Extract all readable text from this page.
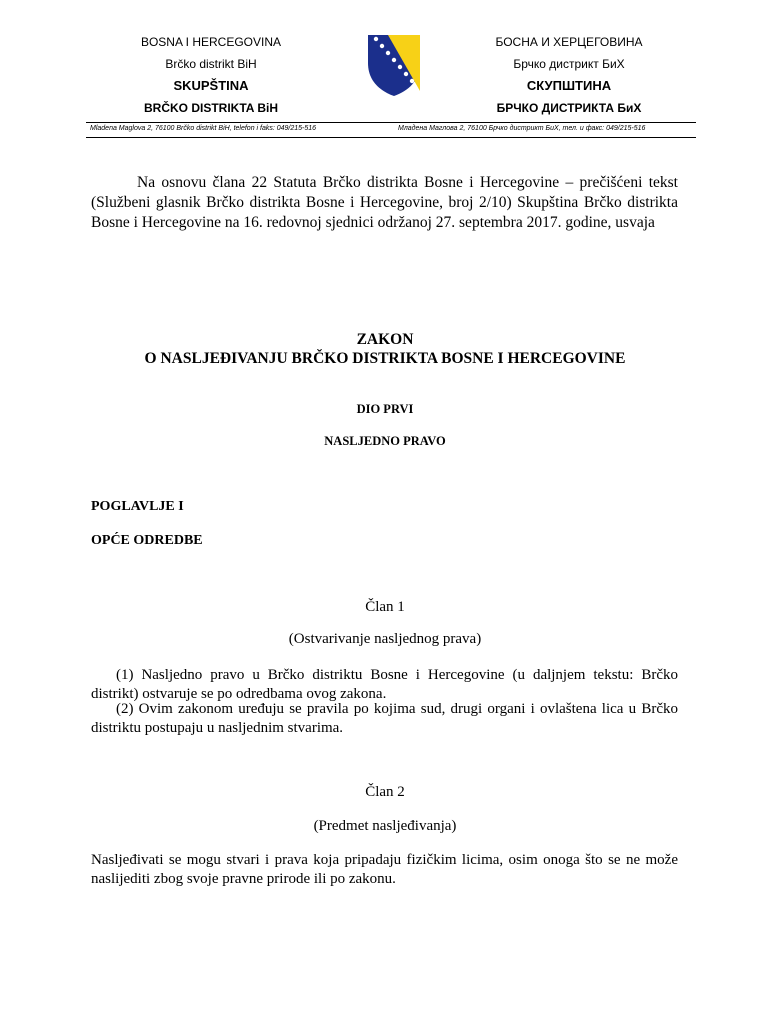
BOSNA I HERCEGOVINA
Brčko distrikt BiH
SKUPŠTINA
BRČKO DISTRIKTA BiH
БОСНА И ХЕРЦЕГОВИНА
Брчко дистрикт БиХ
СКУПШТИНА
БРЧКО ДИСТРИКТА БиХ
Mladena Maglova 2, 76100 Brčko distrikt BiH, telefon i faks: 049/215-516	Младена Маглова 2, 76100 Брчко дистрикт БиХ, тел. и факс: 049/215-516
Na osnovu člana 22 Statuta Brčko distrikta Bosne i Hercegovine – prečišćeni tekst (Službeni glasnik Brčko distrikta Bosne i Hercegovine, broj 2/10) Skupština Brčko distrikta Bosne i Hercegovine na 16. redovnoj sjednici održanoj 27. septembra 2017. godine, usvaja
ZAKON
O NASLJEĐIVANJU BRČKO DISTRIKTA BOSNE I HERCEGOVINE
DIO PRVI
NASLJEDNO PRAVO
POGLAVLJE I
OPĆE ODREDBE
Član 1
(Ostvarivanje nasljednog prava)
(1) Nasljedno pravo u Brčko distriktu Bosne i Hercegovine (u daljnjem tekstu: Brčko distrikt) ostvaruje se po odredbama ovog zakona.
(2) Ovim zakonom uređuju se pravila po kojima sud, drugi organi i ovlaštena lica u Brčko distriktu postupaju u nasljednim stvarima.
Član 2
(Predmet nasljeđivanja)
Nasljeđivati se mogu stvari i prava koja pripadaju fizičkim licima, osim onoga što se ne može naslijediti zbog svoje pravne prirode ili po zakonu.
